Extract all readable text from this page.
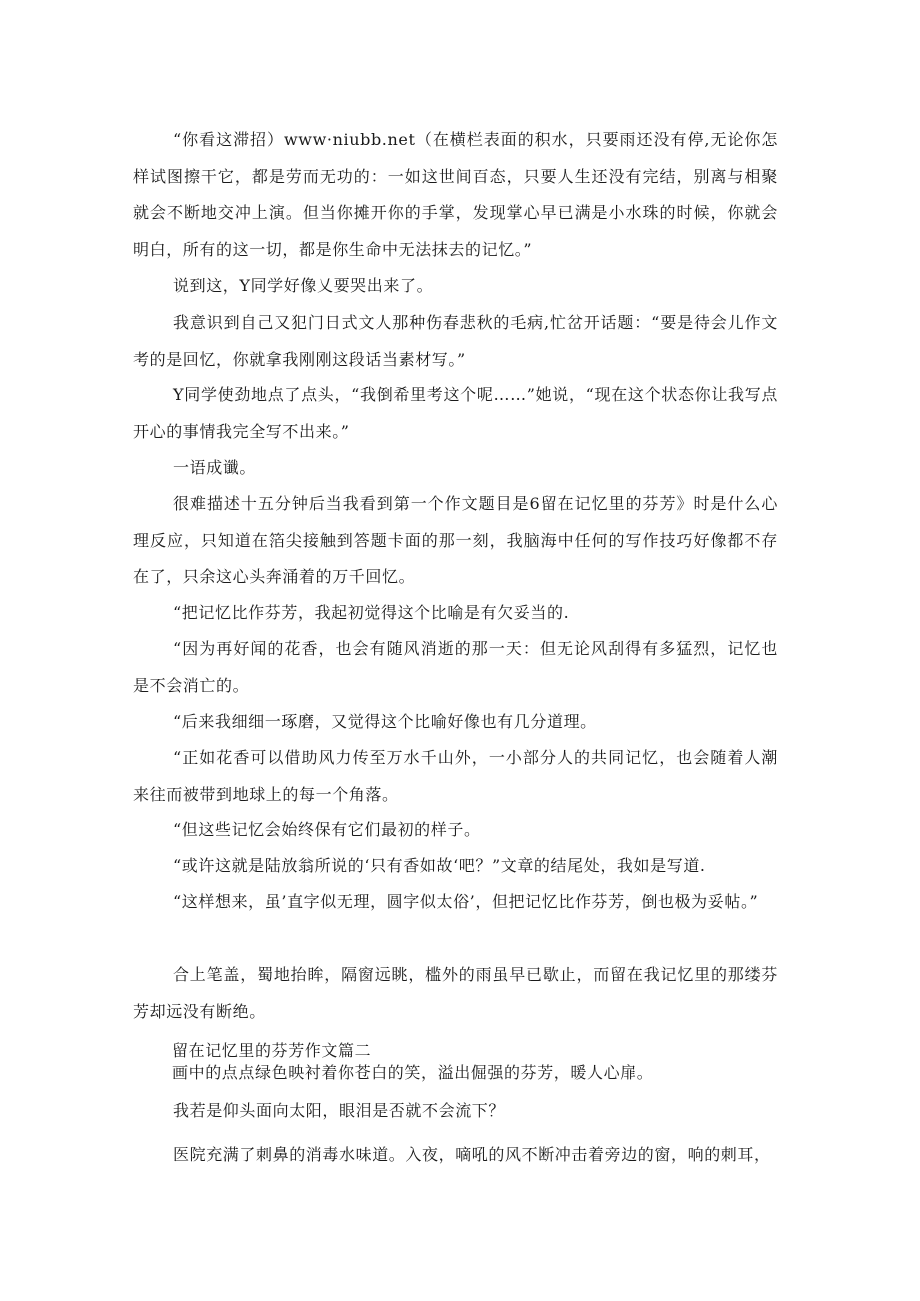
“你看这滞招）www·niubb.net（在横栏表面的积水，只要雨还没有停,无论你怎样试图擦干它，都是劳而无功的：一如这世间百态，只要人生还没有完结，别离与相聚就会不断地交冲上演。但当你摊开你的手掌，发现掌心早已满是小水珠的时候，你就会明白，所有的这一切，都是你生命中无法抹去的记忆。”

说到这，Y同学好像乂要哭出来了。

我意识到自己又犯门日式文人那种伤春悲秋的毛病,忙岔开话题：“要是待会儿作文考的是回忆，你就拿我刚刚这段话当素材写。”

Y同学使劲地点了点头，“我倒希里考这个呢……”她说，“现在这个状态你让我写点开心的事情我完全写不出来。”

一语成谶。

很难描述十五分钟后当我看到第一个作文题目是6留在记忆里的芬芳》时是什么心理反应，只知道在箔尖接触到答题卡面的那一刻，我脑海中任何的写作技巧好像都不存在了，只余这心头奔涌着的万千回忆。

“把记忆比作芬芳，我起初觉得这个比喻是有欠妥当的.

“因为再好闻的花香，也会有随风消逝的那一天：但无论风刮得有多猛烈，记忆也是不会消亡的。

“后来我细细一琢磨，又觉得这个比喻好像也有几分道理。

“正如花香可以借助风力传至万水千山外，一小部分人的共同记忆，也会随着人潮来往而被带到地球上的每一个角落。

“但这些记忆会始终保有它们最初的样子。

“或许这就是陆放翁所说的‘只有香如故‘吧？”文章的结尾处，我如是写道.

“这样想来，虽’直字似无理，圆字似太俗’，但把记忆比作芬芳，倒也极为妥帖。”

合上笔盖，蜀地抬眸，隔窗远眺，槛外的雨虽早已歇止，而留在我记忆里的那缕芬芳却远没有断绝。

留在记忆里的芬芳作文篇二

画中的点点绿色映衬着你苍白的笑，溢出倔强的芬芳，暖人心扉。

我若是仰头面向太阳，眼泪是否就不会流下？

医院充满了刺鼻的消毒水味道。入夜，嘀吼的风不断冲击着旁边的窗，响的刺耳，
